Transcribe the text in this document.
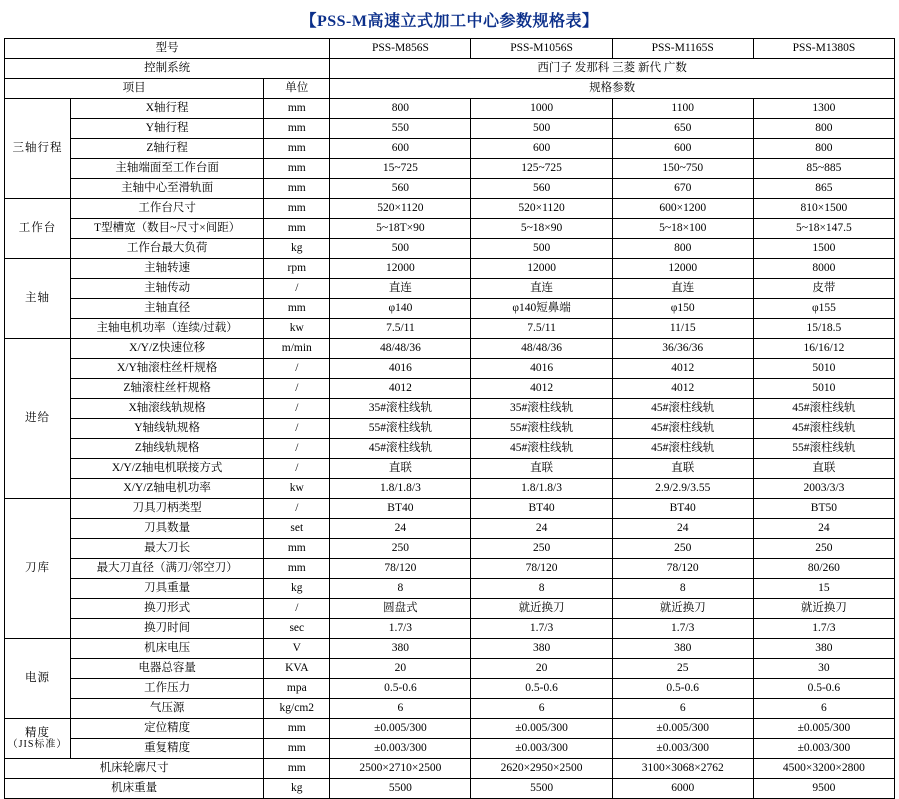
【PSS-M高速立式加工中心参数规格表】
型号			PSS-M856S	PSS-M1056S	PSS-M1165S	PSS-M1380S
控制系统			西门子 发那科 三菱 新代 广数			
项目		单位	规格参数			
三轴行程	X轴行程	mm	800	1000	1100	1300
	Y轴行程	mm	550	500	650	800
	Z轴行程	mm	600	600	600	800
	主轴端面至工作台面	mm	15~725	125~725	150~750	85~885
	主轴中心至滑轨面	mm	560	560	670	865
工作台	工作台尺寸	mm	520×1120	520×1120	600×1200	810×1500
	T型槽宽（数目~尺寸×间距）	mm	5~18T×90	5~18×90	5~18×100	5~18×147.5
	工作台最大负荷	kg	500	500	800	1500
主轴	主轴转速	rpm	12000	12000	12000	8000
	主轴传动	/	直连	直连	直连	皮带
	主轴直径	mm	φ140	φ140短鼻端	φ150	φ155
	主轴电机功率（连续/过载）	kw	7.5/11	7.5/11	11/15	15/18.5
进给	X/Y/Z快速位移	m/min	48/48/36	48/48/36	36/36/36	16/16/12
	X/Y轴滚柱丝杆规格	/	4016	4016	4012	5010
	Z轴滚柱丝杆规格	/	4012	4012	4012	5010
	X轴滚线轨规格	/	35#滚柱线轨	35#滚柱线轨	45#滚柱线轨	45#滚柱线轨
	Y轴线轨规格	/	55#滚柱线轨	55#滚柱线轨	45#滚柱线轨	45#滚柱线轨
	Z轴线轨规格	/	45#滚柱线轨	45#滚柱线轨	45#滚柱线轨	55#滚柱线轨
	X/Y/Z轴电机联接方式	/	直联	直联	直联	直联
	X/Y/Z轴电机功率	kw	1.8/1.8/3	1.8/1.8/3	2.9/2.9/3.55	2003/3/3
刀库	刀具刀柄类型	/	BT40	BT40	BT40	BT50
	刀具数量	set	24	24	24	24
	最大刀长	mm	250	250	250	250
	最大刀直径（满刀/邻空刀）	mm	78/120	78/120	78/120	80/260
	刀具重量	kg	8	8	8	15
	换刀形式	/	圆盘式	就近换刀	就近换刀	就近换刀
	换刀时间	sec	1.7/3	1.7/3	1.7/3	1.7/3
电源	机床电压	V	380	380	380	380
	电器总容量	KVA	20	20	25	30
	工作压力	mpa	0.5-0.6	0.5-0.6	0.5-0.6	0.5-0.6
	气压源	kg/cm2	6	6	6	6
精度
（JIS标准）	定位精度	mm	±0.005/300	±0.005/300	±0.005/300	±0.005/300
	重复精度	mm	±0.003/300	±0.003/300	±0.003/300	±0.003/300
机床轮廓尺寸		mm	2500×2710×2500	2620×2950×2500	3100×3068×2762	4500×3200×2800
机床重量		kg	5500	5500	6000	9500
